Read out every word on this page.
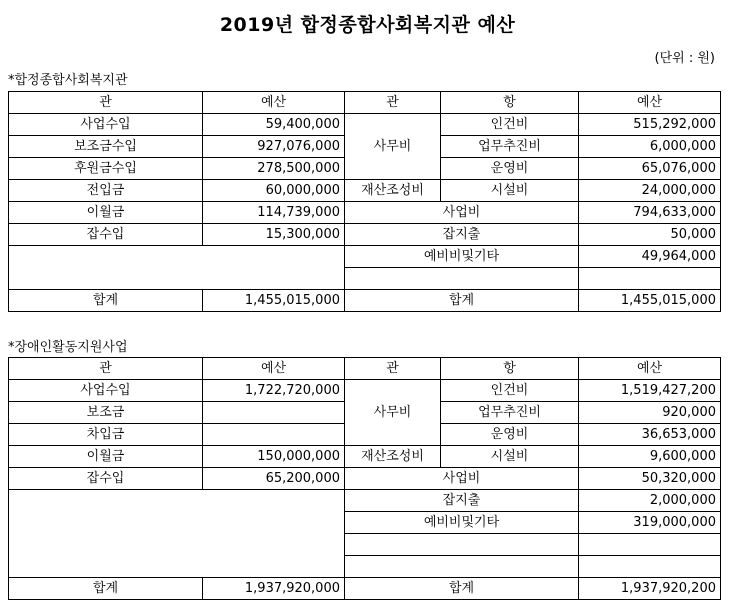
2019년 합정종합사회복지관 예산
(단위 : 원)
*합정종합사회복지관
관	예산	관	항	예산
사업수입	59,400,000	사무비	인건비	515,292,000
보조금수입	927,076,000		업무추진비	6,000,000
후원금수입	278,500,000		운영비	65,076,000
전입금	60,000,000	재산조성비	시설비	24,000,000
이월금	114,739,000	사업비		794,633,000
잡수입	15,300,000	잡지출		50,000
		예비비및기타		49,964,000

합계	1,455,015,000	합계		1,455,015,000
*장애인활동지원사업
관	예산	관	항	예산
사업수입	1,722,720,000	사무비	인건비	1,519,427,200
보조금			업무추진비	920,000
차입금			운영비	36,653,000
이월금	150,000,000	재산조성비	시설비	9,600,000
잡수입	65,200,000	사업비		50,320,000
		잡지출		2,000,000
		예비비및기타		319,000,000

합계	1,937,920,000	합계		1,937,920,200
